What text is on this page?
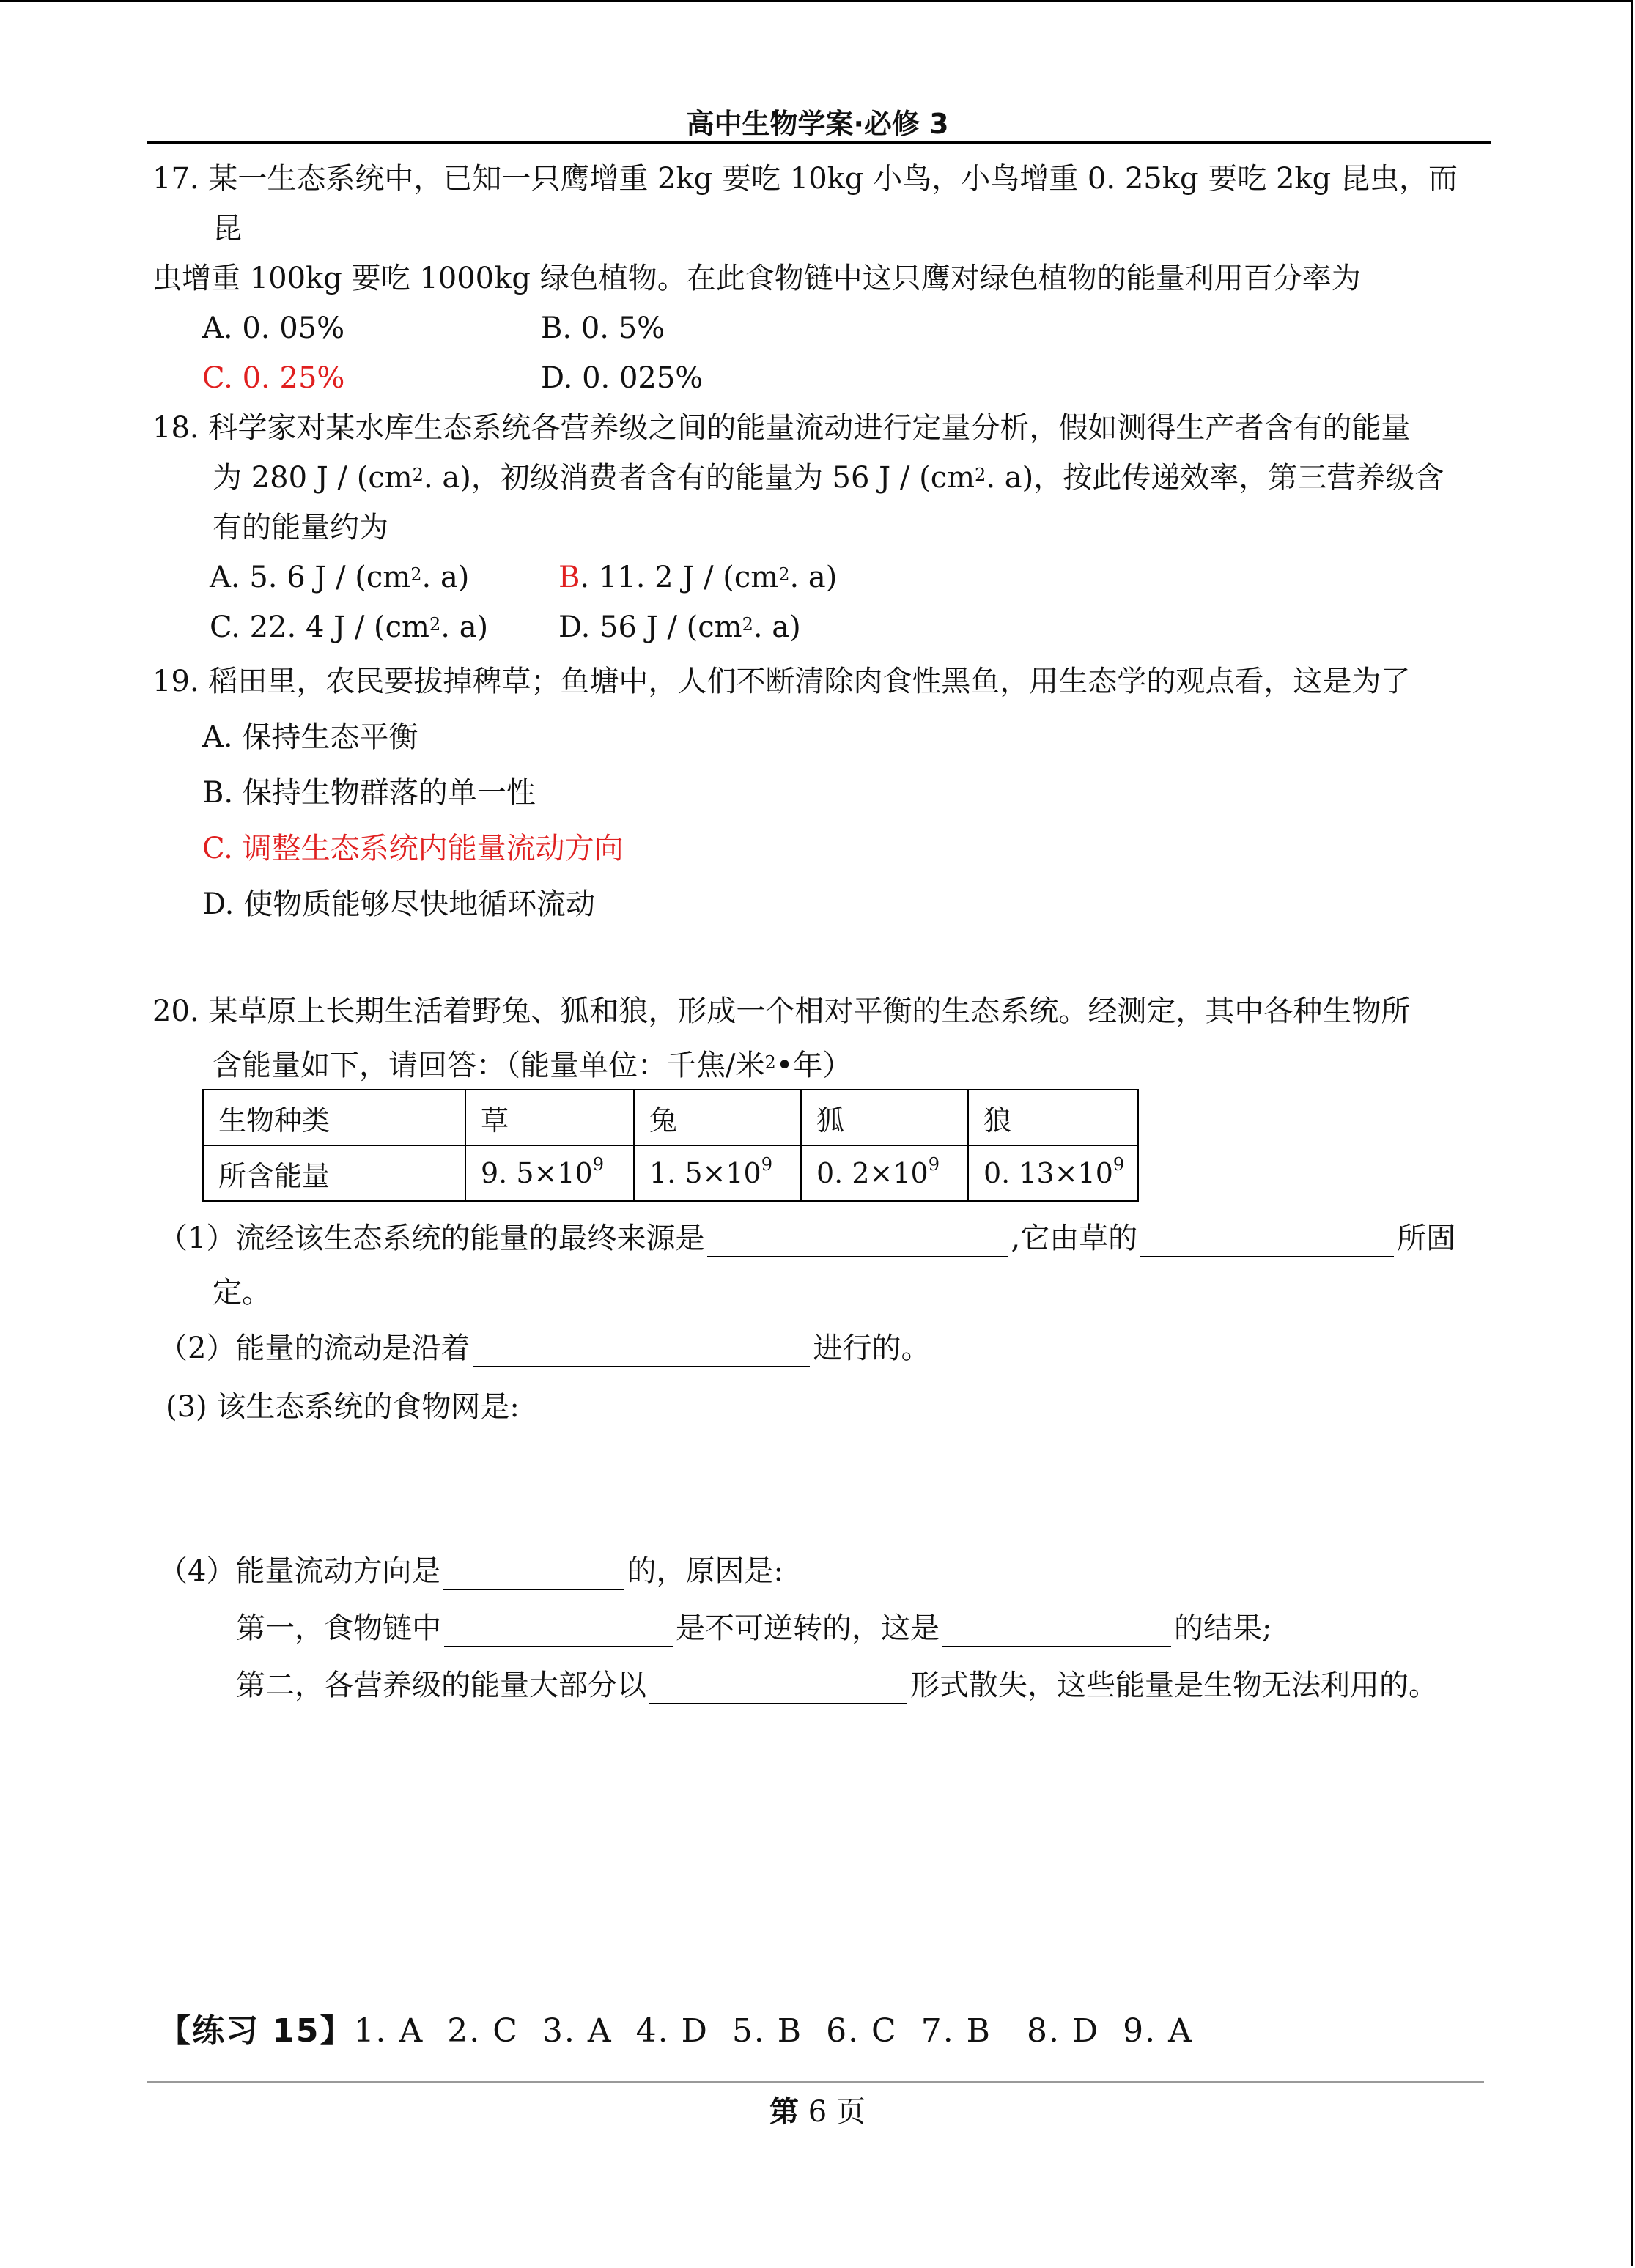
高中生物学案·必修 3
17. 某一生态系统中，已知一只鹰增重 2kg 要吃 10kg 小鸟，小鸟增重 0. 25kg 要吃 2kg 昆虫，而
昆
虫增重 100kg 要吃 1000kg 绿色植物。在此食物链中这只鹰对绿色植物的能量利用百分率为
A. 0. 05%	B. 0. 5%
C. 0. 25%	D. 0. 025%
18. 科学家对某水库生态系统各营养级之间的能量流动进行定量分析，假如测得生产者含有的能量
为 280 J / ($cm^2$. a)，初级消费者含有的能量为 56 J / ($cm^2$. a)，按此传递效率，第三营养级含
有的能量约为
A. 5. 6 J / ($cm^2$. a)	B. 11. 2 J / ($cm^2$. a)
C. 22. 4 J / ($cm^2$. a) D. 56 J / ($cm^2$. a)
19. 稻田里，农民要拔掉稗草；鱼塘中，人们不断清除肉食性黑鱼，用生态学的观点看，这是为了
A. 保持生态平衡
B. 保持生物群落的单一性
C. 调整生态系统内能量流动方向
D. 使物质能够尽快地循环流动
20. 某草原上长期生活着野兔、狐和狼，形成一个相对平衡的生态系统。经测定，其中各种生物所
含能量如下，请回答：（能量单位：千焦/米$^2$•年）
生物种类	草	兔	狐	狼
所含能量	9. $5\times 10^9$	1. $5\times 10^9$	0. $2\times 10^9$	0. $13\times 10^9$
（1）流经该生态系统的能量的最终来源是	,它由草的	所固
定。
（2）能量的流动是沿着	进行的。
(3) 该生态系统的食物网是:
（4）能量流动方向是	的，原因是:
第一，食物链中	是不可逆转的，这是	的结果;
第二，各营养级的能量大部分以	形式散失，这些能量是生物无法利用的。
【练习 15】1. A  2. C  3. A  4. D  5. B  6. C  7. B   8. D  9. A
第 6 页
